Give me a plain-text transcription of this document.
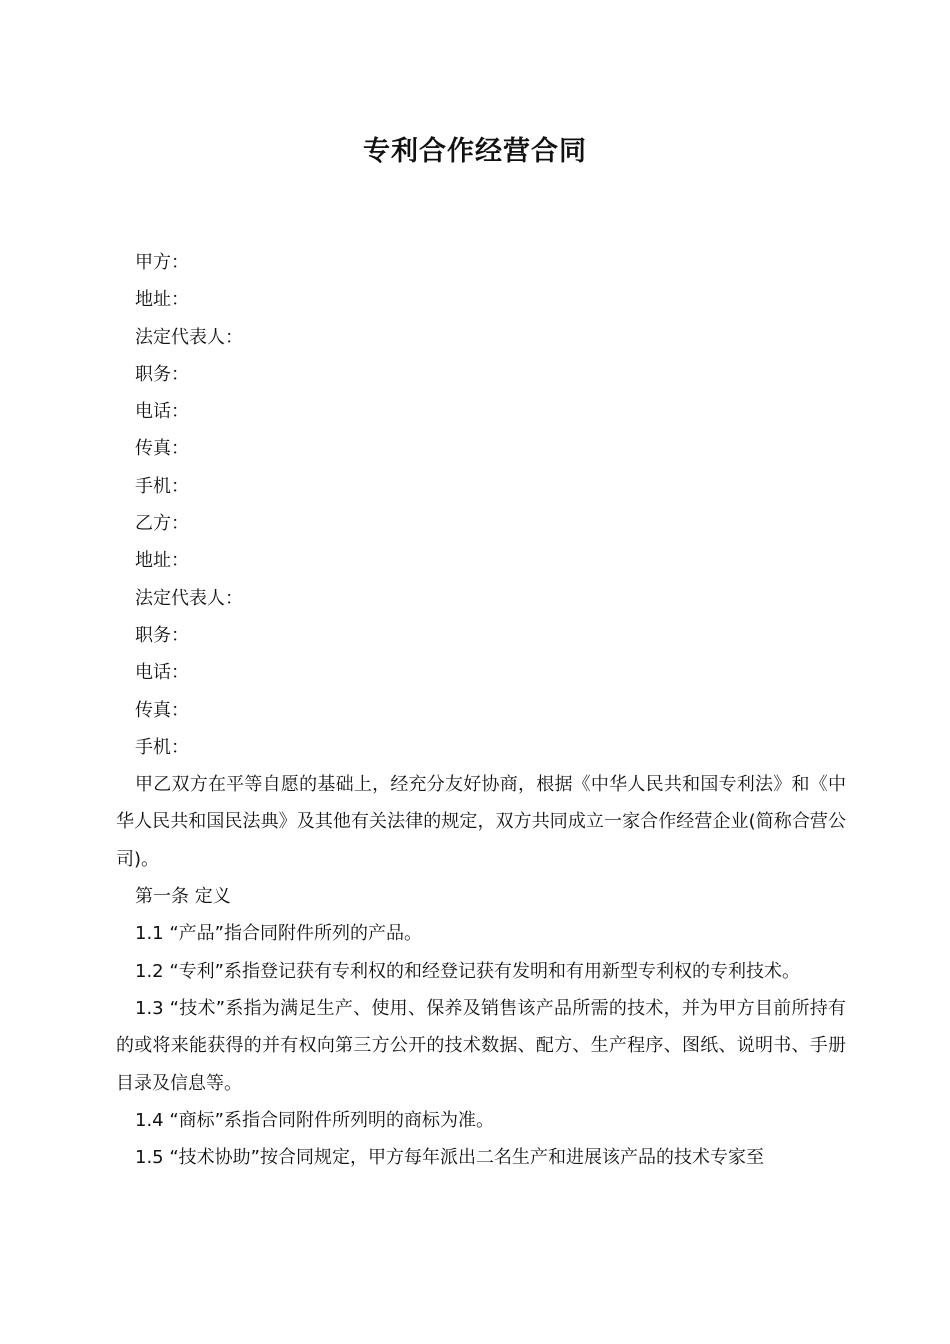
专利合作经营合同

甲方：

地址：

法定代表人：

职务：

电话：

传真：

手机：

乙方：

地址：

法定代表人：

职务：

电话：

传真：

手机：

甲乙双方在平等自愿的基础上，经充分友好协商，根据《中华人民共和国专利法》和《中华人民共和国民法典》及其他有关法律的规定，双方共同成立一家合作经营企业(简称合营公司)。

第一条 定义

1.1 “产品”指合同附件所列的产品。

1.2 “专利”系指登记获有专利权的和经登记获有发明和有用新型专利权的专利技术。

1.3 “技术”系指为满足生产、使用、保养及销售该产品所需的技术，并为甲方目前所持有的或将来能获得的并有权向第三方公开的技术数据、配方、生产程序、图纸、说明书、手册目录及信息等。

1.4 “商标”系指合同附件所列明的商标为准。

1.5 “技术协助”按合同规定，甲方每年派出二名生产和进展该产品的技术专家至
